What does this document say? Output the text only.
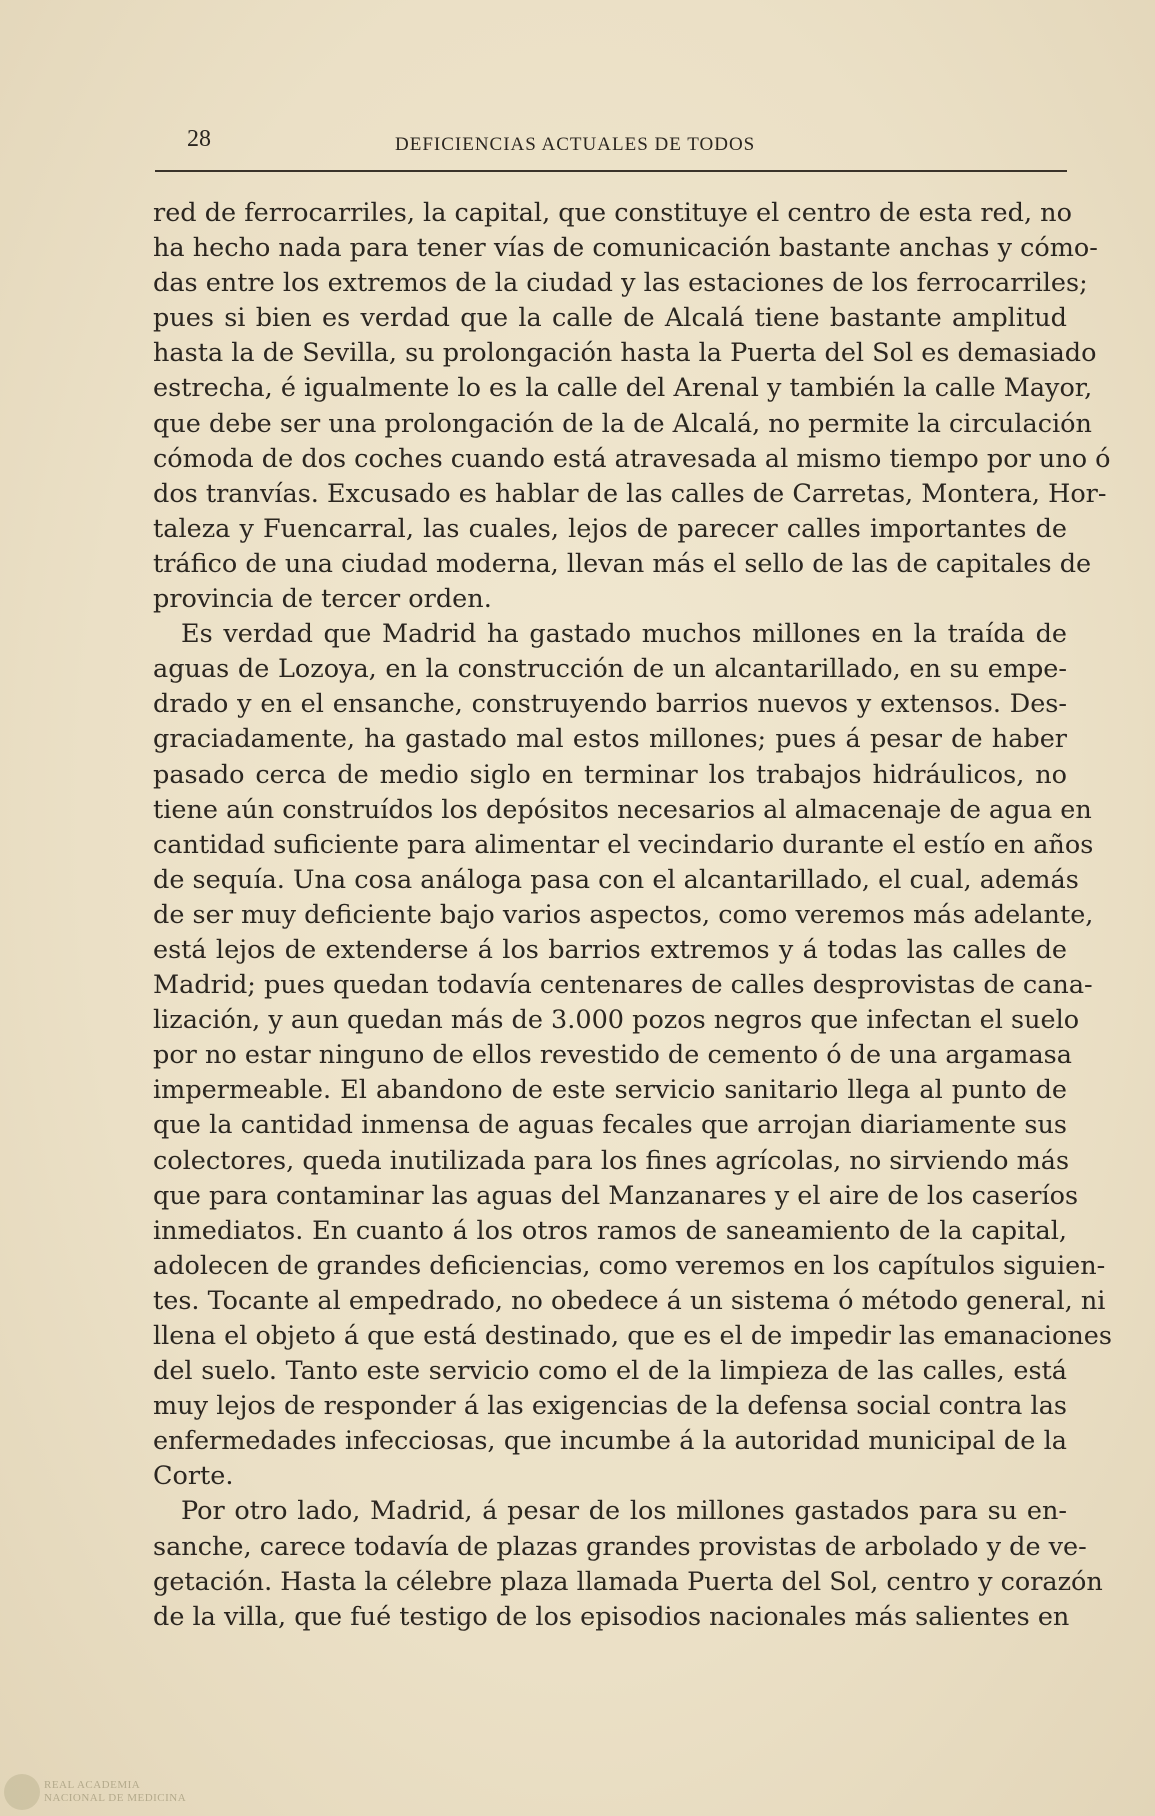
28	DEFICIENCIAS ACTUALES DE TODOS
red de ferrocarriles, la capital, que constituye el centro de esta red, no
ha hecho nada para tener vías de comunicación bastante anchas y cómo-
das entre los extremos de la ciudad y las estaciones de los ferrocarriles;
pues si bien es verdad que la calle de Alcalá tiene bastante amplitud
hasta la de Sevilla, su prolongación hasta la Puerta del Sol es demasiado
estrecha, é igualmente lo es la calle del Arenal y también la calle Mayor,
que debe ser una prolongación de la de Alcalá, no permite la circulación
cómoda de dos coches cuando está atravesada al mismo tiempo por uno ó
dos tranvías. Excusado es hablar de las calles de Carretas, Montera, Hor-
taleza y Fuencarral, las cuales, lejos de parecer calles importantes de
tráfico de una ciudad moderna, llevan más el sello de las de capitales de
provincia de tercer orden.
Es verdad que Madrid ha gastado muchos millones en la traída de
aguas de Lozoya, en la construcción de un alcantarillado, en su empe-
drado y en el ensanche, construyendo barrios nuevos y extensos. Des-
graciadamente, ha gastado mal estos millones; pues á pesar de haber
pasado cerca de medio siglo en terminar los trabajos hidráulicos, no
tiene aún construídos los depósitos necesarios al almacenaje de agua en
cantidad suficiente para alimentar el vecindario durante el estío en años
de sequía. Una cosa análoga pasa con el alcantarillado, el cual, además
de ser muy deficiente bajo varios aspectos, como veremos más adelante,
está lejos de extenderse á los barrios extremos y á todas las calles de
Madrid; pues quedan todavía centenares de calles desprovistas de cana-
lización, y aun quedan más de 3.000 pozos negros que infectan el suelo
por no estar ninguno de ellos revestido de cemento ó de una argamasa
impermeable. El abandono de este servicio sanitario llega al punto de
que la cantidad inmensa de aguas fecales que arrojan diariamente sus
colectores, queda inutilizada para los fines agrícolas, no sirviendo más
que para contaminar las aguas del Manzanares y el aire de los caseríos
inmediatos. En cuanto á los otros ramos de saneamiento de la capital,
adolecen de grandes deficiencias, como veremos en los capítulos siguien-
tes. Tocante al empedrado, no obedece á un sistema ó método general, ni
llena el objeto á que está destinado, que es el de impedir las emanaciones
del suelo. Tanto este servicio como el de la limpieza de las calles, está
muy lejos de responder á las exigencias de la defensa social contra las
enfermedades infecciosas, que incumbe á la autoridad municipal de la
Corte.
Por otro lado, Madrid, á pesar de los millones gastados para su en-
sanche, carece todavía de plazas grandes provistas de arbolado y de ve-
getación. Hasta la célebre plaza llamada Puerta del Sol, centro y corazón
de la villa, que fué testigo de los episodios nacionales más salientes en
REAL ACADEMIA
NACIONAL DE MEDICINA
